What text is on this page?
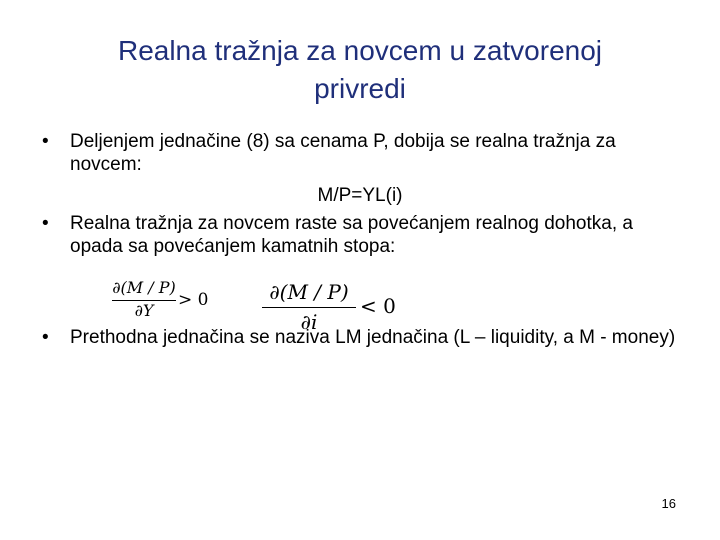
Realna tražnja za novcem u zatvorenoj
privredi
•	Deljenjem jednačine (8) sa cenama P, dobija se realna tražnja za novcem:
M/P=YL(i)
•	Realna tražnja za novcem raste sa povećanjem realnog dohotka, a opada sa povećanjem kamatnih stopa:
∂(M / P)
∂Y
> 0	∂(M / P)
∂i
< 0
•	Prethodna jednačina se naziva LM jednačina (L – liquidity, a M - money)
16
